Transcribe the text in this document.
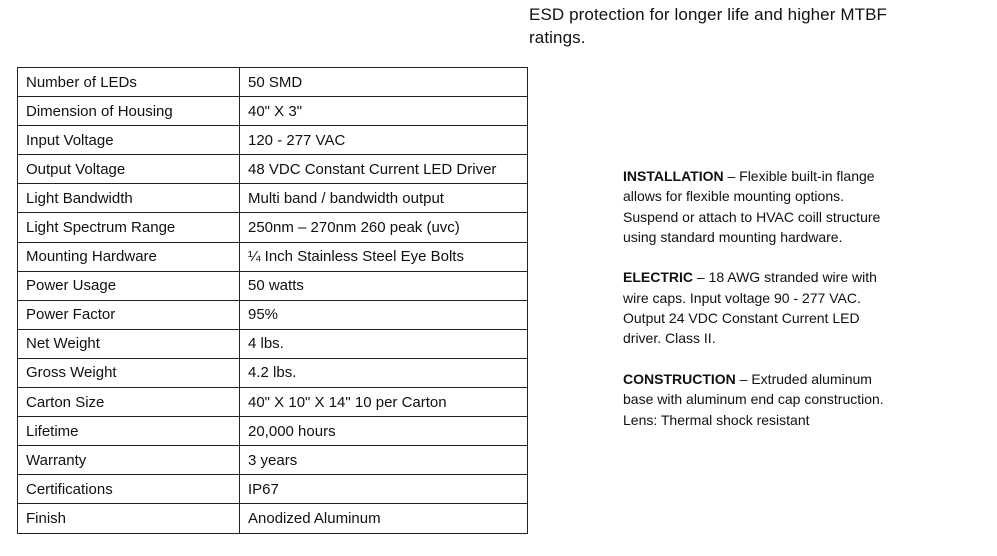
ESD protection for longer life and higher MTBF ratings.
Number of LEDs	50 SMD
Dimension of Housing	40" X 3"
Input Voltage	120 - 277 VAC
Output Voltage	48 VDC Constant Current LED Driver
Light Bandwidth	Multi band / bandwidth output
Light Spectrum Range	250nm – 270nm 260 peak (uvc)
Mounting Hardware	¼ Inch Stainless Steel Eye Bolts
Power Usage	50 watts
Power Factor	95%
Net Weight	4 lbs.
Gross Weight	4.2 lbs.
Carton Size	40" X 10" X 14" 10 per Carton
Lifetime	20,000 hours
Warranty	3 years
Certifications	IP67
Finish	Anodized Aluminum

INSTALLATION – Flexible built-in flange allows for flexible mounting options. Suspend or attach to HVAC coill structure using standard mounting hardware.

ELECTRIC – 18 AWG stranded wire with wire caps. Input voltage 90 - 277 VAC. Output 24 VDC Constant Current LED driver. Class II.

CONSTRUCTION – Extruded aluminum base with aluminum end cap construction. Lens: Thermal shock resistant
